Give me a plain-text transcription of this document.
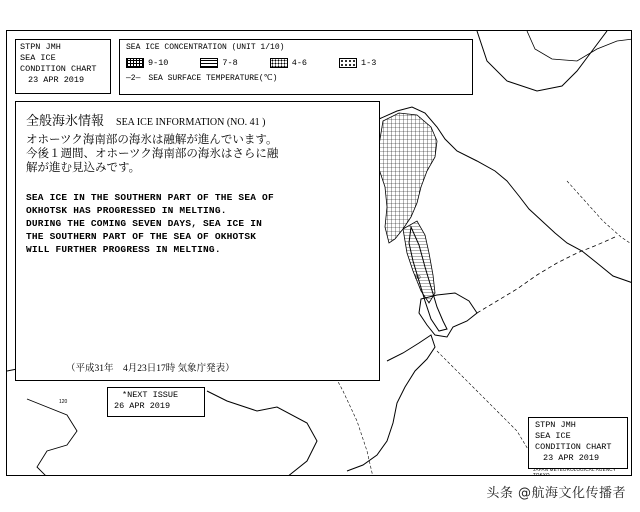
50
120
STPN JMH
SEA ICE
CONDITION CHART
23 APR 2019
SEA ICE CONCENTRATION (UNIT 1/10)
9-10	7-8	4-6	1-3
—2— SEA SURFACE TEMPERATURE(℃)
全般海氷情報 SEA ICE INFORMATION (NO. 41 )
オホーツク海南部の海氷は融解が進んでいます。
今後１週間、オホーツク海南部の海氷はさらに融
解が進む見込みです。
SEA ICE IN THE SOUTHERN PART OF THE SEA OF
OKHOTSK HAS PROGRESSED IN MELTING.
DURING THE COMING SEVEN DAYS, SEA ICE IN
THE SOUTHERN PART OF THE SEA OF OKHOTSK
WILL FURTHER PROGRESS IN MELTING.
（平成31年　4月23日17時 気象庁発表）
*NEXT ISSUE
26 APR 2019
STPN JMH
SEA ICE
CONDITION CHART
23 APR 2019
JAPAN METEOROLOGICAL AGENCY TOKYO
头条 @航海文化传播者
